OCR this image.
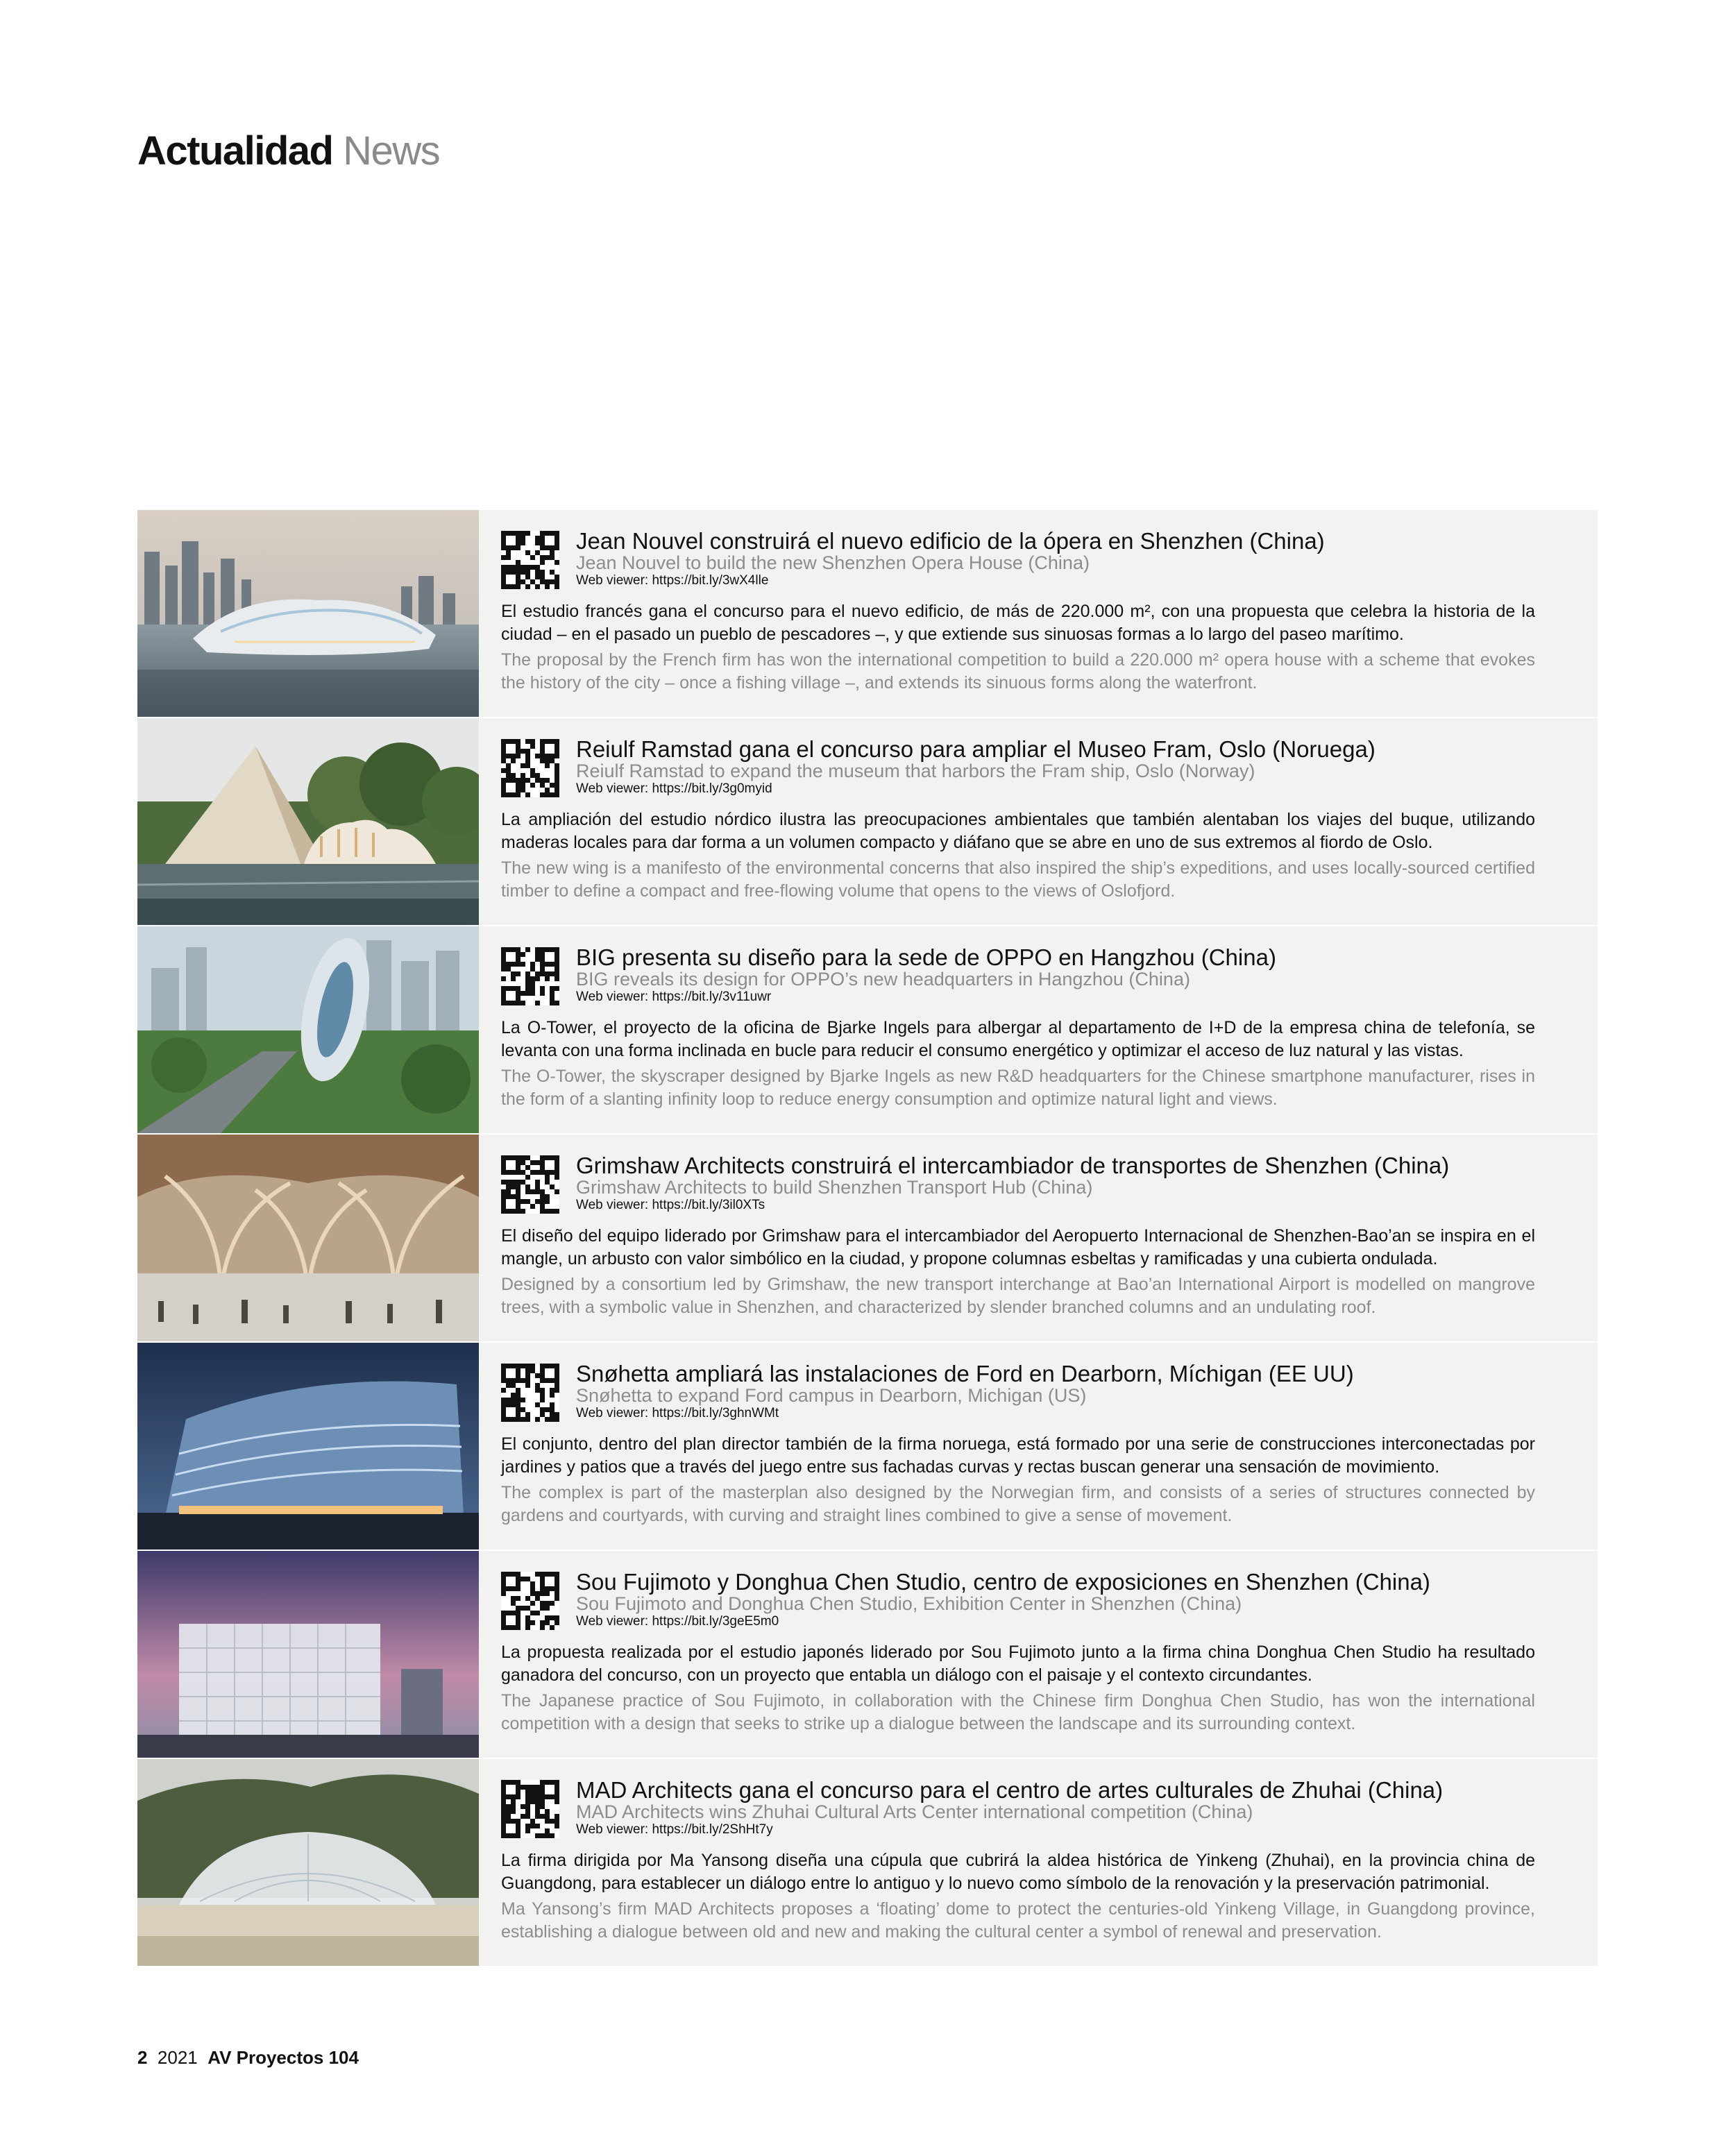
Actualidad News
Jean Nouvel construirá el nuevo edificio de la ópera en Shenzhen (China)
Jean Nouvel to build the new Shenzhen Opera House (China)
Web viewer: https://bit.ly/3wX4lle
El estudio francés gana el concurso para el nuevo edificio, de más de 220.000 m², con una propuesta que celebra la historia de la ciudad – en el pasado un pueblo de pescadores –, y que extiende sus sinuosas formas a lo largo del paseo marítimo.
The proposal by the French firm has won the international competition to build a 220.000 m² opera house with a scheme that evokes the history of the city – once a fishing village –, and extends its sinuous forms along the waterfront.
Reiulf Ramstad gana el concurso para ampliar el Museo Fram, Oslo (Noruega)
Reiulf Ramstad to expand the museum that harbors the Fram ship, Oslo (Norway)
Web viewer: https://bit.ly/3g0myid
La ampliación del estudio nórdico ilustra las preocupaciones ambientales que también alentaban los viajes del buque, utilizando maderas locales para dar forma a un volumen compacto y diáfano que se abre en uno de sus extremos al fiordo de Oslo.
The new wing is a manifesto of the environmental concerns that also inspired the ship’s expeditions, and uses locally-sourced certified timber to define a compact and free-flowing volume that opens to the views of Oslofjord.
BIG presenta su diseño para la sede de OPPO en Hangzhou (China)
BIG reveals its design for OPPO’s new headquarters in Hangzhou (China)
Web viewer: https://bit.ly/3v11uwr
La O-Tower, el proyecto de la oficina de Bjarke Ingels para albergar al departamento de I+D de la empresa china de telefonía, se levanta con una forma inclinada en bucle para reducir el consumo energético y optimizar el acceso de luz natural y las vistas.
The O-Tower, the skyscraper designed by Bjarke Ingels as new R&D headquarters for the Chinese smartphone manufacturer, rises in the form of a slanting infinity loop to reduce energy consumption and optimize natural light and views.
Grimshaw Architects construirá el intercambiador de transportes de Shenzhen (China)
Grimshaw Architects to build Shenzhen Transport Hub (China)
Web viewer: https://bit.ly/3il0XTs
El diseño del equipo liderado por Grimshaw para el intercambiador del Aeropuerto Internacional de Shenzhen-Bao’an se inspira en el mangle, un arbusto con valor simbólico en la ciudad, y propone columnas esbeltas y ramificadas y una cubierta ondulada.
Designed by a consortium led by Grimshaw, the new transport interchange at Bao’an International Airport is modelled on mangrove trees, with a symbolic value in Shenzhen, and characterized by slender branched columns and an undulating roof.
Snøhetta ampliará las instalaciones de Ford en Dearborn, Míchigan (EE UU)
Snøhetta to expand Ford campus in Dearborn, Michigan (US)
Web viewer: https://bit.ly/3ghnWMt
El conjunto, dentro del plan director también de la firma noruega, está formado por una serie de construcciones interconectadas por jardines y patios que a través del juego entre sus fachadas curvas y rectas buscan generar una sensación de movimiento.
The complex is part of the masterplan also designed by the Norwegian firm, and consists of a series of structures connected by gardens and courtyards, with curving and straight lines combined to give a sense of movement.
Sou Fujimoto y Donghua Chen Studio, centro de exposiciones en Shenzhen (China)
Sou Fujimoto and Donghua Chen Studio, Exhibition Center in Shenzhen (China)
Web viewer: https://bit.ly/3geE5m0
La propuesta realizada por el estudio japonés liderado por Sou Fujimoto junto a la firma china Donghua Chen Studio ha resultado ganadora del concurso, con un proyecto que entabla un diálogo con el paisaje y el contexto circundantes.
The Japanese practice of Sou Fujimoto, in collaboration with the Chinese firm Donghua Chen Studio, has won the international competition with a design that seeks to strike up a dialogue between the landscape and its surrounding context.
MAD Architects gana el concurso para el centro de artes culturales de Zhuhai (China)
MAD Architects wins Zhuhai Cultural Arts Center international competition (China)
Web viewer: https://bit.ly/2ShHt7y
La firma dirigida por Ma Yansong diseña una cúpula que cubrirá la aldea histórica de Yinkeng (Zhuhai), en la provincia china de Guangdong, para establecer un diálogo entre lo antiguo y lo nuevo como símbolo de la renovación y la preservación patrimonial.
Ma Yansong’s firm MAD Architects proposes a ‘floating’ dome to protect the centuries-old Yinkeng Village, in Guangdong province, establishing a dialogue between old and new and making the cultural center a symbol of renewal and preservation.
2 2021 AV Proyectos 104
